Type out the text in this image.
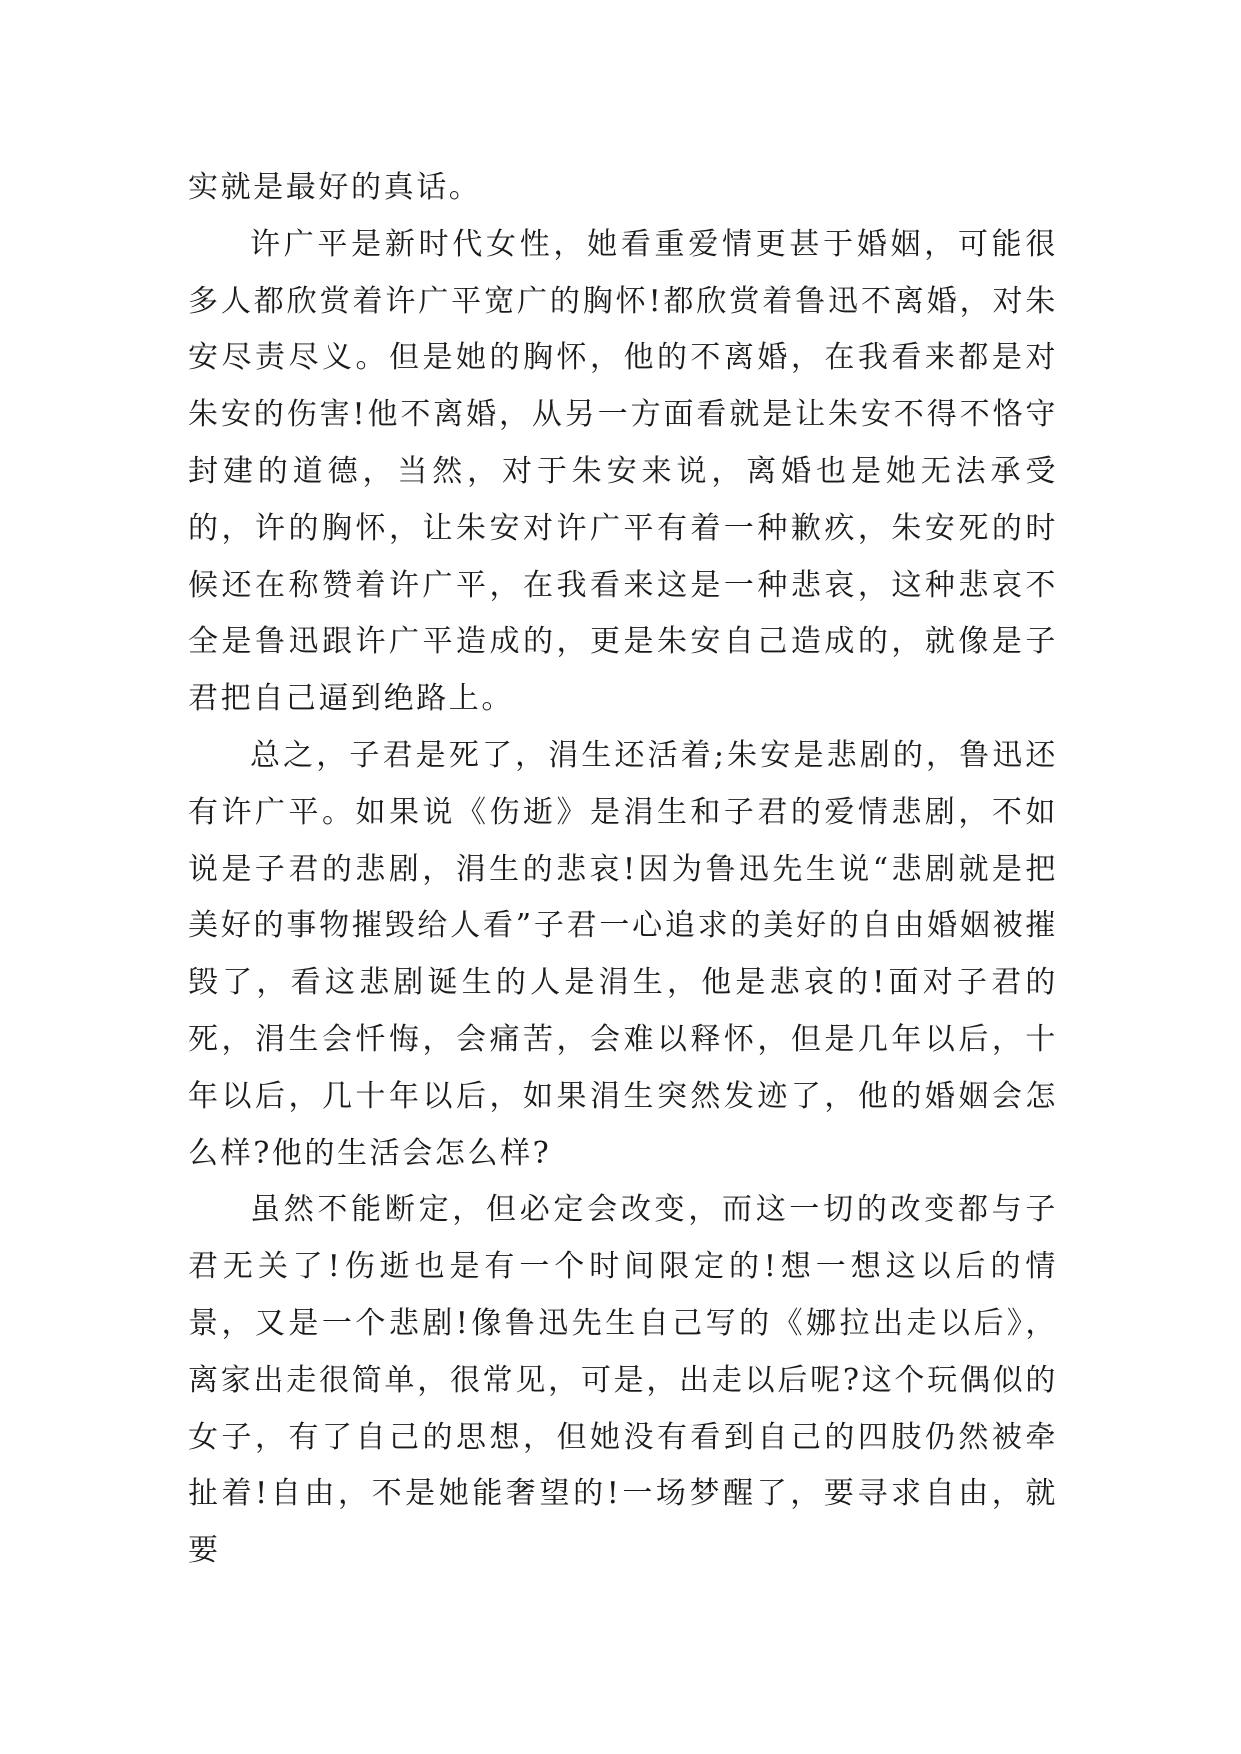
实就是最好的真话。

许广平是新时代女性，她看重爱情更甚于婚姻，可能很多人都欣赏着许广平宽广的胸怀!都欣赏着鲁迅不离婚，对朱安尽责尽义。但是她的胸怀，他的不离婚，在我看来都是对朱安的伤害!他不离婚，从另一方面看就是让朱安不得不恪守封建的道德，当然，对于朱安来说，离婚也是她无法承受的，许的胸怀，让朱安对许广平有着一种歉疚，朱安死的时候还在称赞着许广平，在我看来这是一种悲哀，这种悲哀不全是鲁迅跟许广平造成的，更是朱安自己造成的，就像是子君把自己逼到绝路上。

总之，子君是死了，涓生还活着;朱安是悲剧的，鲁迅还有许广平。如果说《伤逝》是涓生和子君的爱情悲剧，不如说是子君的悲剧，涓生的悲哀!因为鲁迅先生说“悲剧就是把美好的事物摧毁给人看”子君一心追求的美好的自由婚姻被摧毁了，看这悲剧诞生的人是涓生，他是悲哀的!面对子君的死，涓生会忏悔，会痛苦，会难以释怀，但是几年以后，十年以后，几十年以后，如果涓生突然发迹了，他的婚姻会怎么样?他的生活会怎么样?

虽然不能断定，但必定会改变，而这一切的改变都与子君无关了!伤逝也是有一个时间限定的!想一想这以后的情景，又是一个悲剧!像鲁迅先生自己写的《娜拉出走以后》，离家出走很简单，很常见，可是，出走以后呢?这个玩偶似的女子，有了自己的思想，但她没有看到自己的四肢仍然被牵扯着!自由，不是她能奢望的!一场梦醒了，要寻求自由，就要
